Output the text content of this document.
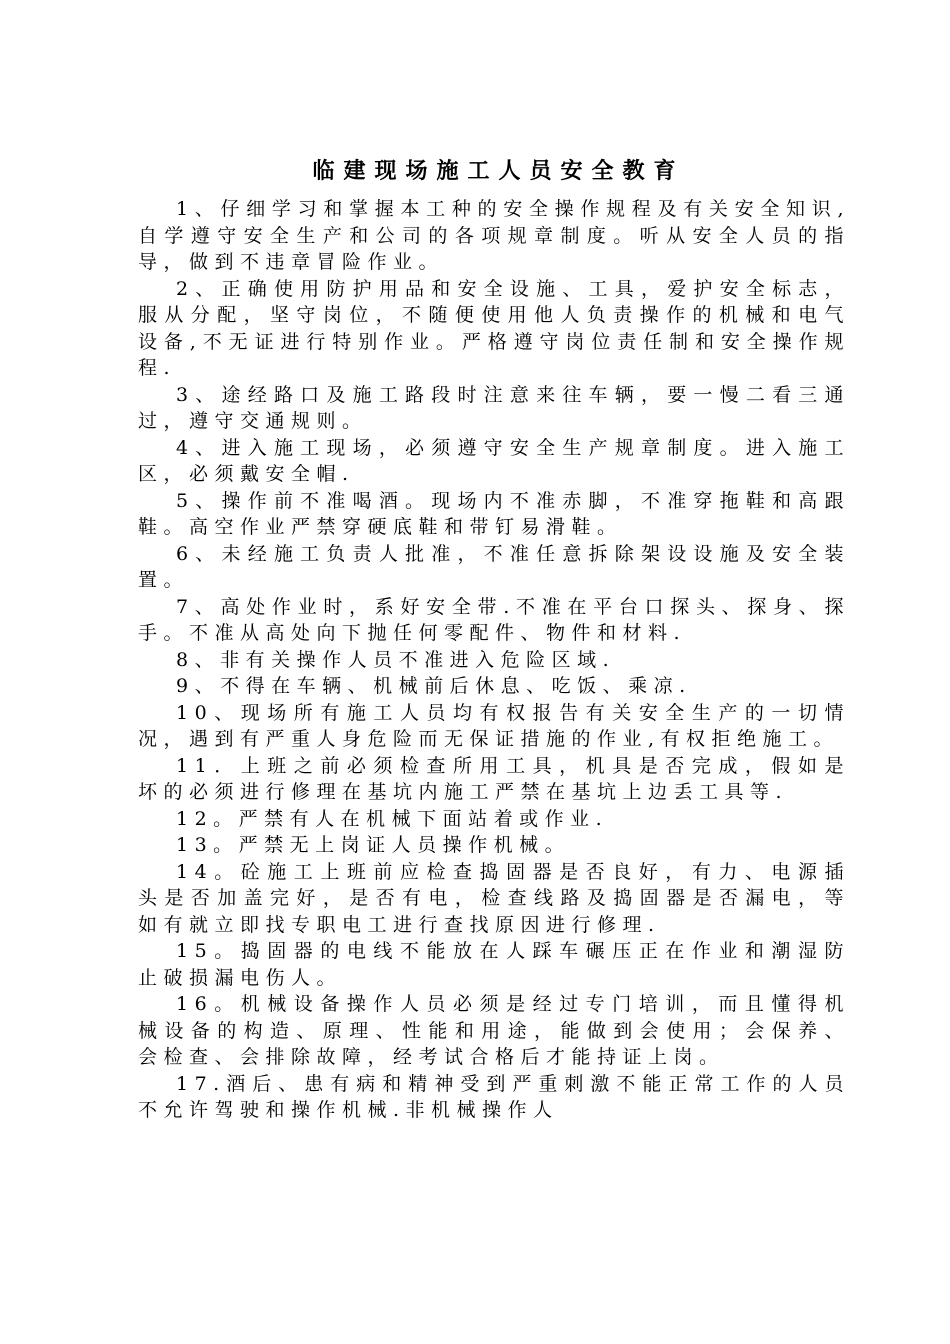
临建现场施工人员安全教育

1、仔细学习和掌握本工种的安全操作规程及有关安全知识,自学遵守安全生产和公司的各项规章制度。听从安全人员的指导，做到不违章冒险作业。

2、正确使用防护用品和安全设施、工具，爱护安全标志，服从分配，坚守岗位，不随便使用他人负责操作的机械和电气设备,不无证进行特别作业。严格遵守岗位责任制和安全操作规程.

3、途经路口及施工路段时注意来往车辆，要一慢二看三通过，遵守交通规则。

4、进入施工现场，必须遵守安全生产规章制度。进入施工区，必须戴安全帽.

5、操作前不准喝酒。现场内不准赤脚，不准穿拖鞋和高跟鞋。高空作业严禁穿硬底鞋和带钉易滑鞋。

6、未经施工负责人批准，不准任意拆除架设设施及安全装置。

7、高处作业时，系好安全带.不准在平台口探头、探身、探手。不准从高处向下抛任何零配件、物件和材料.

8、非有关操作人员不准进入危险区域.

9、不得在车辆、机械前后休息、吃饭、乘凉.

10、现场所有施工人员均有权报告有关安全生产的一切情况，遇到有严重人身危险而无保证措施的作业,有权拒绝施工。

11．上班之前必须检查所用工具，机具是否完成，假如是坏的必须进行修理在基坑内施工严禁在基坑上边丢工具等.

12。严禁有人在机械下面站着或作业.

13。严禁无上岗证人员操作机械。

14。砼施工上班前应检查捣固器是否良好，有力、电源插头是否加盖完好，是否有电，检查线路及捣固器是否漏电，等如有就立即找专职电工进行查找原因进行修理.

15。捣固器的电线不能放在人踩车碾压正在作业和潮湿防止破损漏电伤人。

16。机械设备操作人员必须是经过专门培训，而且懂得机械设备的构造、原理、性能和用途，能做到会使用；会保养、会检查、会排除故障，经考试合格后才能持证上岗。

17.酒后、患有病和精神受到严重刺激不能正常工作的人员不允许驾驶和操作机械.非机械操作人
